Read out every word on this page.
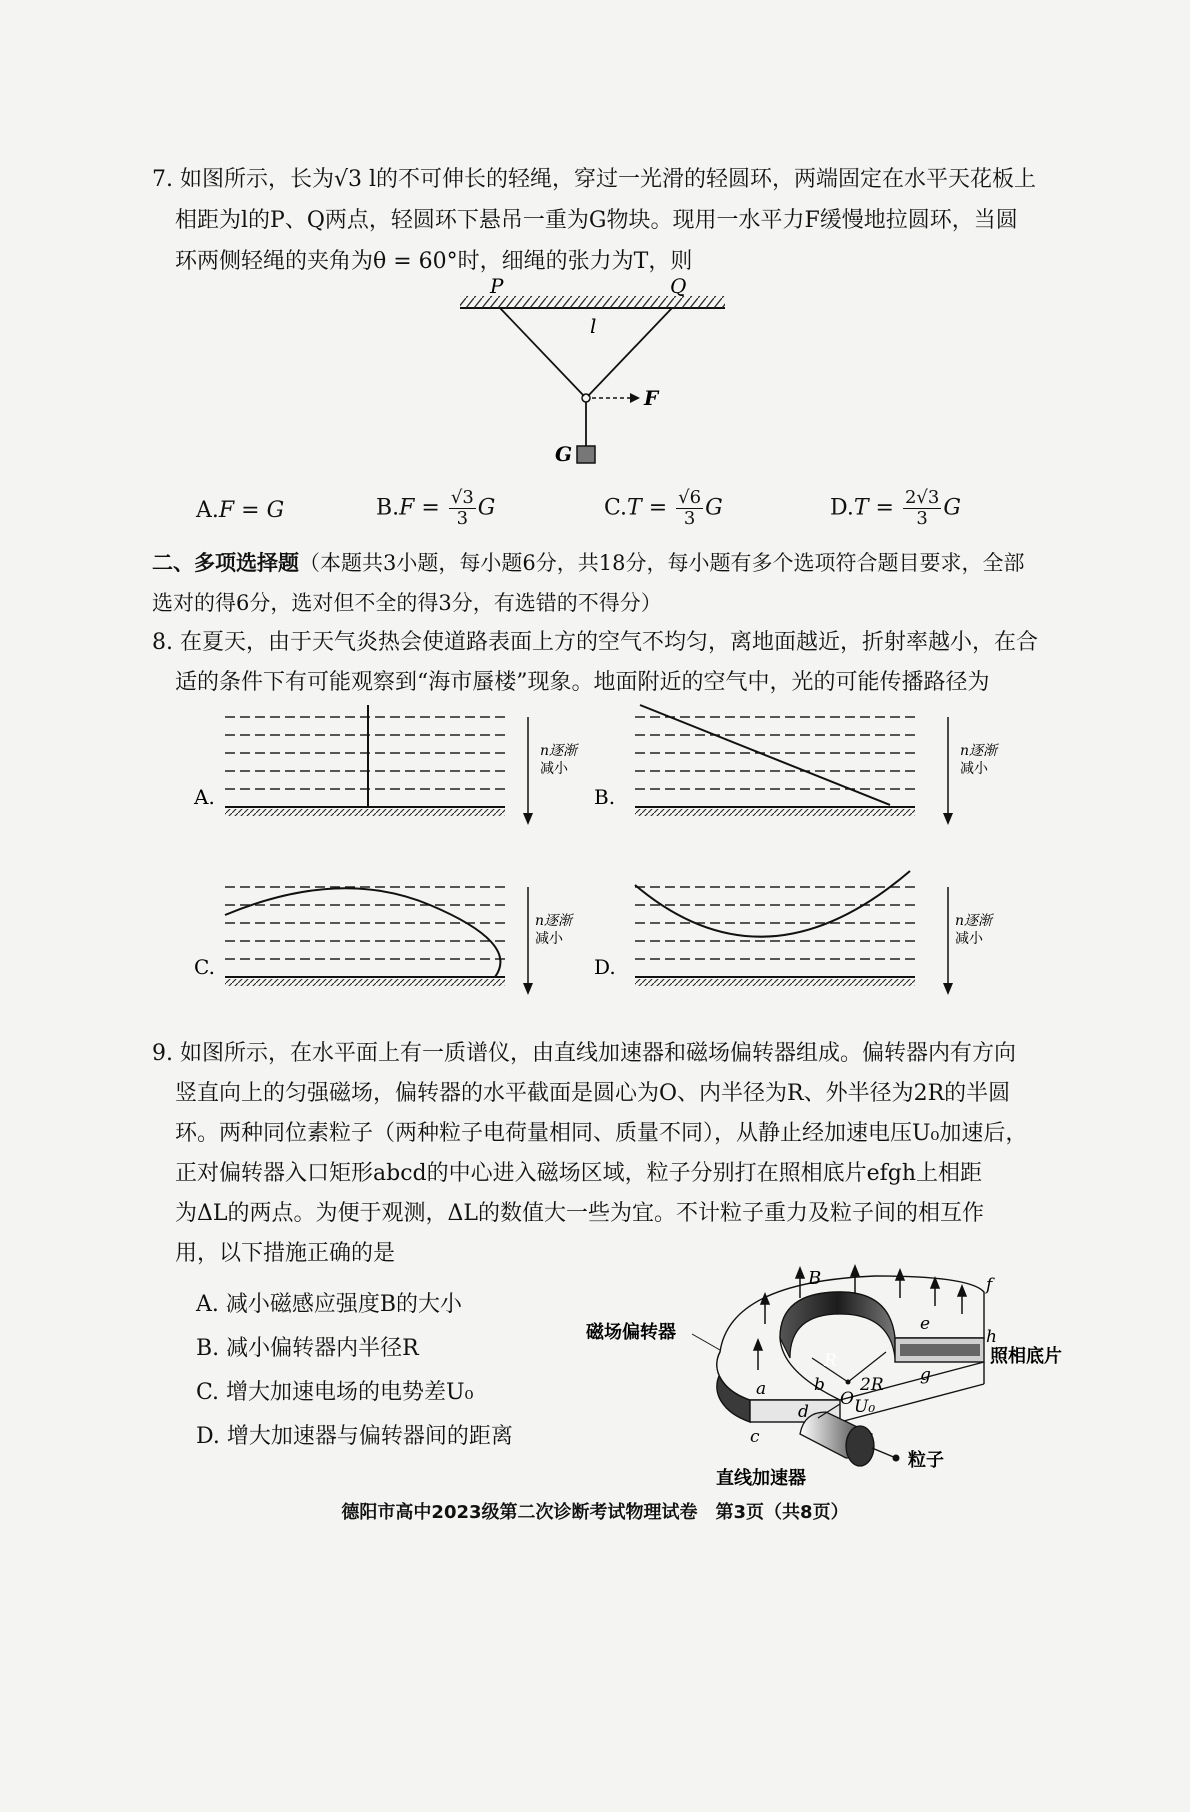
7. 如图所示，长为√3 l的不可伸长的轻绳，穿过一光滑的轻圆环，两端固定在水平天花板上
相距为l的P、Q两点，轻圆环下悬吊一重为G物块。现用一水平力F缓慢地拉圆环，当圆
环两侧轻绳的夹角为θ = 60°时，细绳的张力为T，则
P	Q
l
F
G
A.F = G	$B.F = \frac{√3}{3}$ G	$C.T = \frac{√6}{3}$ G	$D.T = \frac{2√3}{3}$ G
二、多项选择题（本题共3小题，每小题6分，共18分，每小题有多个选项符合题目要求，全部
选对的得6分，选对但不全的得3分，有选错的不得分）
8. 在夏天，由于天气炎热会使道路表面上方的空气不均匀，离地面越近，折射率越小，在合
适的条件下有可能观察到“海市蜃楼”现象。地面附近的空气中，光的可能传播路径为
n逐渐
减小
A.
n逐渐
减小
B.
n逐渐
减小
C.
n逐渐
减小
D.
9. 如图所示，在水平面上有一质谱仪，由直线加速器和磁场偏转器组成。偏转器内有方向
竖直向上的匀强磁场，偏转器的水平截面是圆心为O、内半径为R、外半径为2R的半圆
环。两种同位素粒子（两种粒子电荷量相同、质量不同），从静止经加速电压U₀加速后，
正对偏转器入口矩形abcd的中心进入磁场区域，粒子分别打在照相底片efgh上相距
为ΔL的两点。为便于观测，ΔL的数值大一些为宜。不计粒子重力及粒子间的相互作
用，以下措施正确的是
A. 减小磁感应强度B的大小
B. 减小偏转器内半径R
C. 增大加速电场的电势差U₀
D. 增大加速器与偏转器间的距离
B
R
O
2R
a	b
c
d
e
f
g
h
磁场偏转器
照相底片
U₀
粒子
直线加速器
德阳市高中2023级第二次诊断考试物理试卷　第3页（共8页）
